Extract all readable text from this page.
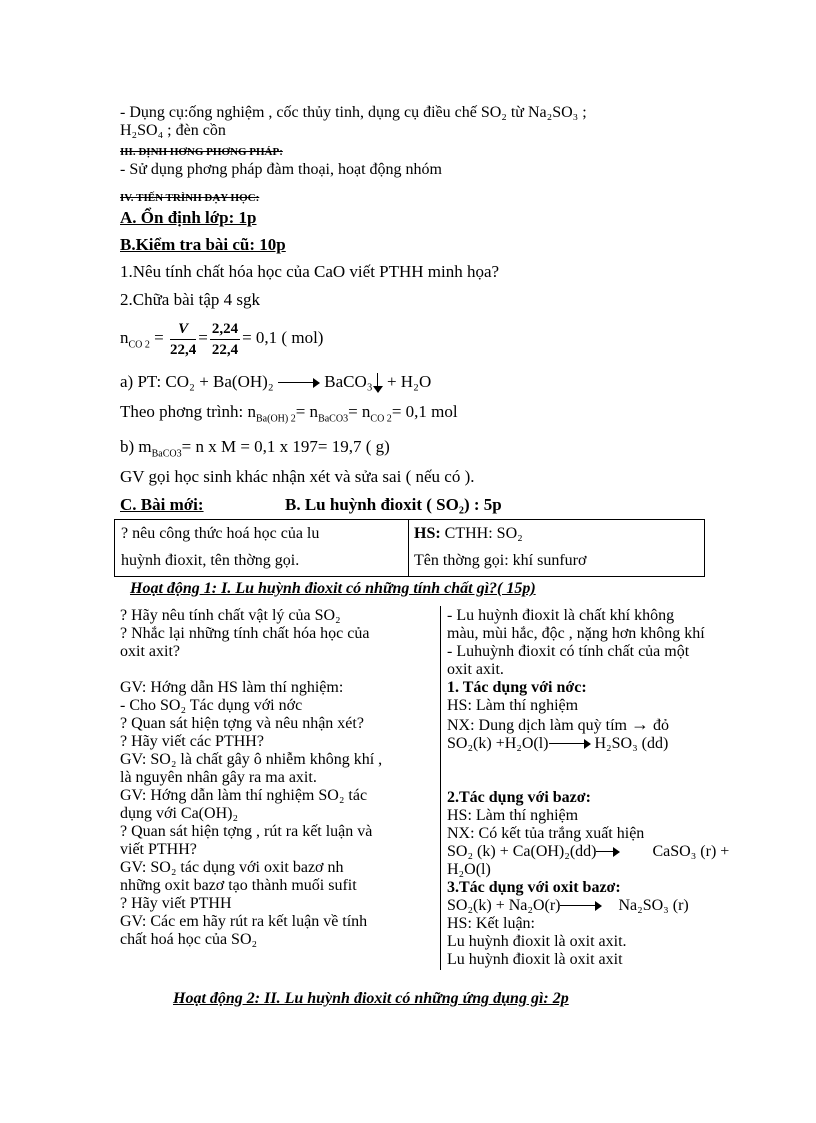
- Dụng cụ:ống nghiệm , cốc thủy tinh, dụng cụ điều chế SO₂ từ Na₂SO₃ ;
H₂SO₄ ; đèn cồn
III. ĐỊNH HƠNG PHƠNG PHÁP:
- Sử dụng phơng pháp đàm thoại, hoạt động nhóm
IV. TIẾN TRÌNH DẠY HỌC:
A. Ổn định lớp: 1p
B.Kiểm tra bài cũ: 10p
1.Nêu tính chất hóa học của CaO viết PTHH minh họa?
2.Chữa bài tập 4 sgk
$n_{CO 2} = \frac{V}{22,4} = \frac{2,24}{22,4} = 0,1$ ( mol)
a) PT: CO₂ + Ba(OH)₂	BaCO₃ + H₂O
Theo phơng trình: $n_{Ba(OH) 2}= n_{BaCO3}= n_{CO 2}= 0,1$ mol
b) $m_{BaCO3}= n$ x M = 0,1 x 197= 19,7 ( g)
GV gọi học sinh khác nhận xét và sửa sai ( nếu có ).
C. Bài mới:	B. Lu huỳnh đioxit ( SO₂) : 5p
? nêu công thức hoá học của lu
huỳnh đioxit, tên thờng gọi.
HS: CTHH: SO₂
Tên thờng gọi: khí sunfurơ
Hoạt động 1: I. Lu huỳnh đioxit có những tính chất gì?( 15p)
? Hãy nêu tính chất vật lý của SO₂
? Nhắc lại những tính chất hóa học của
oxit axit?
GV: Hớng dẫn HS làm thí nghiệm:
- Cho SO₂ Tác dụng với nớc
? Quan sát hiện tợng và nêu nhận xét?
? Hãy viết các PTHH?
GV: SO₂ là chất gây ô nhiễm không khí ,
là nguyên nhân gây ra ma axit.
GV: Hớng dẫn làm thí nghiệm SO₂ tác
dụng với Ca(OH)₂
? Quan sát hiện tợng , rút ra kết luận và
viết PTHH?
GV: SO₂ tác dụng với oxit bazơ nh
những oxit bazơ tạo thành muối sufit
? Hãy viết PTHH
GV: Các em hãy rút ra kết luận về tính
chất hoá học của SO₂
- Lu huỳnh đioxit là chất khí không
màu, mùi hắc, độc , nặng hơn không khí
- Luhuỳnh đioxit có tính chất của một
oxit axit.
1. Tác dụng với nớc:
HS: Làm thí nghiệm
NX: Dung dịch làm quỳ tím → đỏ
SO₂(k) +H₂O(l)	H₂SO₃ (dd)
2.Tác dụng với bazơ:
HS: Làm thí nghiệm
NX: Có kết tủa trắng xuất hiện
SO₂ (k) + Ca(OH)₂(dd)	CaSO₃ (r) +
H₂O(l)
3.Tác dụng với oxit bazơ:
SO₂(k) + Na₂O(r)	Na₂SO₃ (r)
HS: Kết luận:
Lu huỳnh đioxit là oxit axit.
Lu huỳnh đioxit là oxit axit
Hoạt động 2: II. Lu huỳnh đioxit có những ứng dụng gì: 2p
